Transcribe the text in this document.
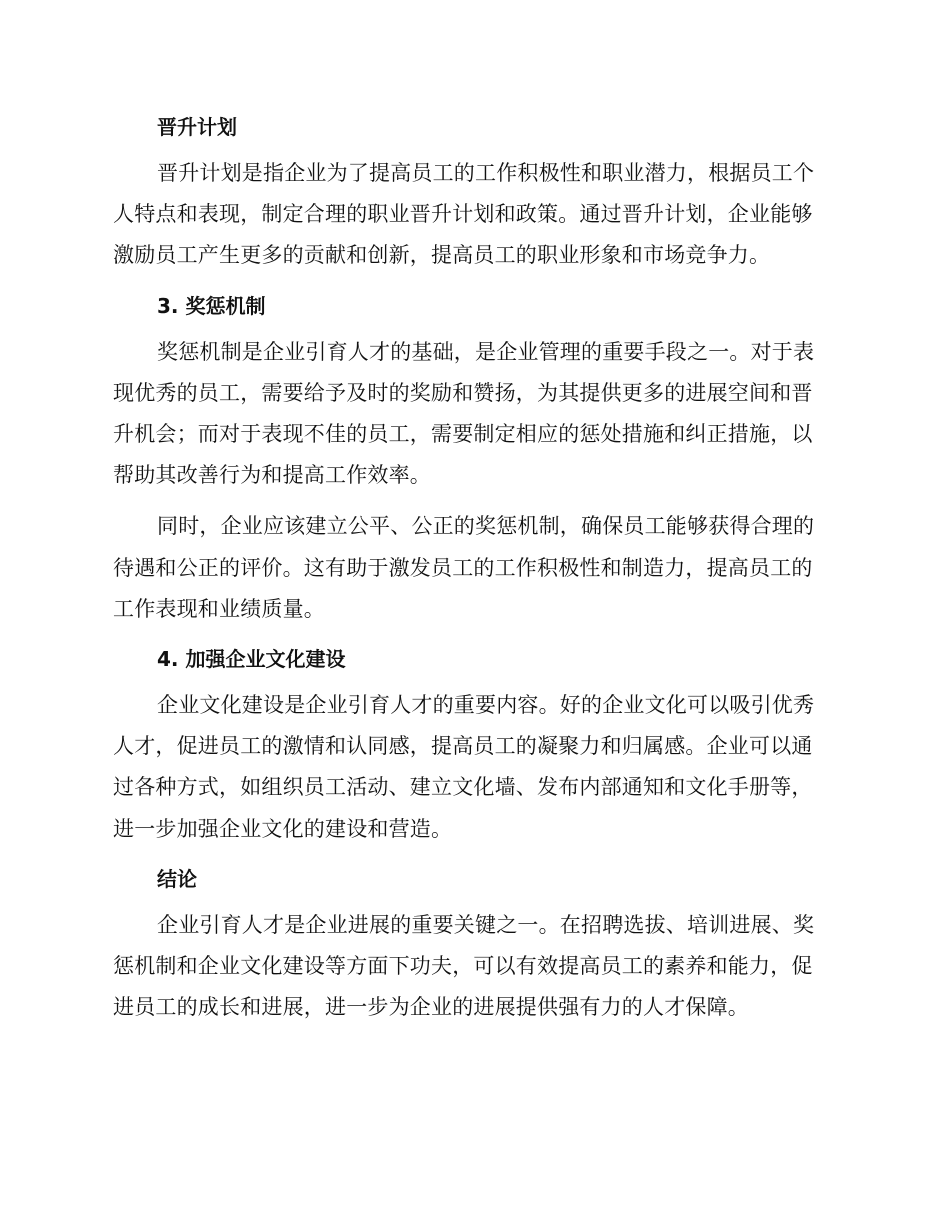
晋升计划

晋升计划是指企业为了提高员工的工作积极性和职业潜力，根据员工个
人特点和表现，制定合理的职业晋升计划和政策。通过晋升计划，企业能够
激励员工产生更多的贡献和创新，提高员工的职业形象和市场竞争力。

3. 奖惩机制

奖惩机制是企业引育人才的基础，是企业管理的重要手段之一。对于表
现优秀的员工，需要给予及时的奖励和赞扬，为其提供更多的进展空间和晋
升机会；而对于表现不佳的员工，需要制定相应的惩处措施和纠正措施，以
帮助其改善行为和提高工作效率。

同时，企业应该建立公平、公正的奖惩机制，确保员工能够获得合理的
待遇和公正的评价。这有助于激发员工的工作积极性和制造力，提高员工的
工作表现和业绩质量。

4. 加强企业文化建设

企业文化建设是企业引育人才的重要内容。好的企业文化可以吸引优秀
人才，促进员工的激情和认同感，提高员工的凝聚力和归属感。企业可以通
过各种方式，如组织员工活动、建立文化墙、发布内部通知和文化手册等，
进一步加强企业文化的建设和营造。

结论

企业引育人才是企业进展的重要关键之一。在招聘选拔、培训进展、奖
惩机制和企业文化建设等方面下功夫，可以有效提高员工的素养和能力，促
进员工的成长和进展，进一步为企业的进展提供强有力的人才保障。
